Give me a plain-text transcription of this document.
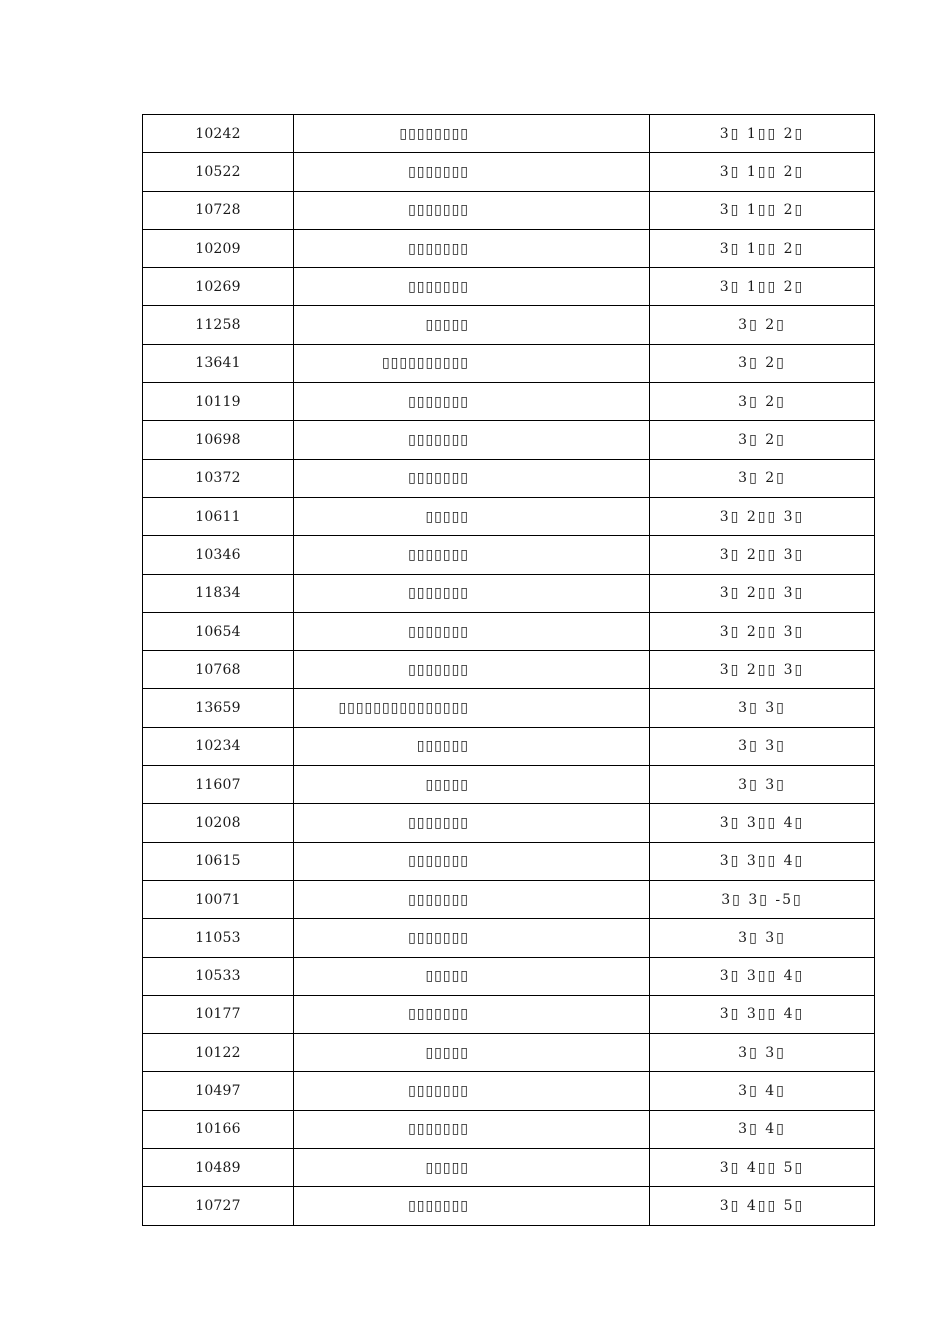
10242	▯▯▯▯▯▯▯▯	3▯ 1▯▯ 2▯
10522	▯▯▯▯▯▯▯	3▯ 1▯▯ 2▯
10728	▯▯▯▯▯▯▯	3▯ 1▯▯ 2▯
10209	▯▯▯▯▯▯▯	3▯ 1▯▯ 2▯
10269	▯▯▯▯▯▯▯	3▯ 1▯▯ 2▯
11258	▯▯▯▯▯	3▯ 2▯
13641	▯▯▯▯▯▯▯▯▯▯	3▯ 2▯
10119	▯▯▯▯▯▯▯	3▯ 2▯
10698	▯▯▯▯▯▯▯	3▯ 2▯
10372	▯▯▯▯▯▯▯	3▯ 2▯
10611	▯▯▯▯▯	3▯ 2▯▯ 3▯
10346	▯▯▯▯▯▯▯	3▯ 2▯▯ 3▯
11834	▯▯▯▯▯▯▯	3▯ 2▯▯ 3▯
10654	▯▯▯▯▯▯▯	3▯ 2▯▯ 3▯
10768	▯▯▯▯▯▯▯	3▯ 2▯▯ 3▯
13659	▯▯▯▯▯▯▯▯▯▯▯▯▯▯▯	3▯ 3▯
10234	▯▯▯▯▯▯	3▯ 3▯
11607	▯▯▯▯▯	3▯ 3▯
10208	▯▯▯▯▯▯▯	3▯ 3▯▯ 4▯
10615	▯▯▯▯▯▯▯	3▯ 3▯▯ 4▯
10071	▯▯▯▯▯▯▯	3▯ 3▯ -5▯
11053	▯▯▯▯▯▯▯	3▯ 3▯
10533	▯▯▯▯▯	3▯ 3▯▯ 4▯
10177	▯▯▯▯▯▯▯	3▯ 3▯▯ 4▯
10122	▯▯▯▯▯	3▯ 3▯
10497	▯▯▯▯▯▯▯	3▯ 4▯
10166	▯▯▯▯▯▯▯	3▯ 4▯
10489	▯▯▯▯▯	3▯ 4▯▯ 5▯
10727	▯▯▯▯▯▯▯	3▯ 4▯▯ 5▯
